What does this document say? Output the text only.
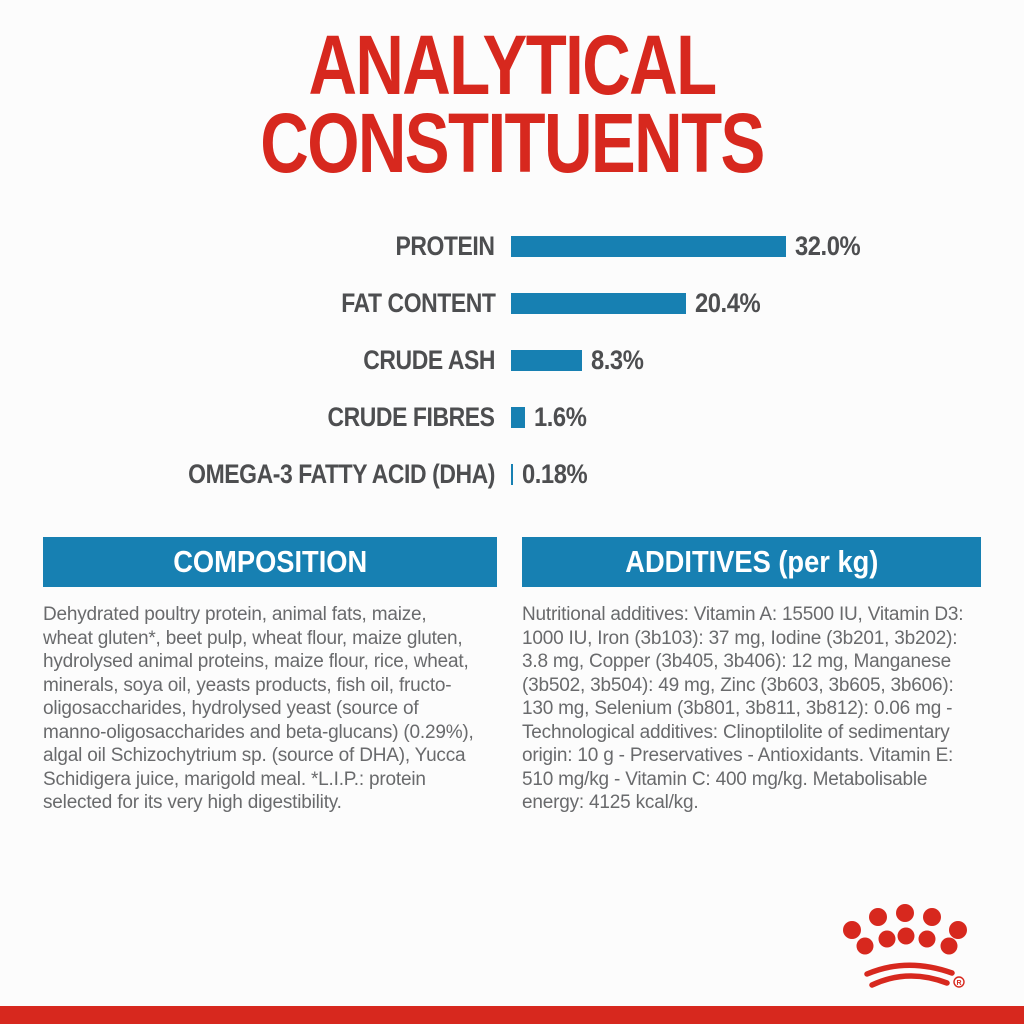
ANALYTICAL CONSTITUENTS
PROTEIN	32.0%
FAT CONTENT	20.4%
CRUDE ASH	8.3%
CRUDE FIBRES	1.6%
OMEGA-3 FATTY ACID (DHA)	0.18%
COMPOSITION	ADDITIVES (per kg)
Dehydrated poultry protein, animal fats, maize, wheat gluten*, beet pulp, wheat flour, maize gluten, hydrolysed animal proteins, maize flour, rice, wheat, minerals, soya oil, yeasts products, fish oil, fructo-oligosaccharides, hydrolysed yeast (source of manno-oligosaccharides and beta-glucans) (0.29%), algal oil Schizochytrium sp. (source of DHA), Yucca Schidigera juice, marigold meal. *L.I.P.: protein selected for its very high digestibility.
Nutritional additives: Vitamin A: 15500 IU, Vitamin D3: 1000 IU, Iron (3b103): 37 mg, Iodine (3b201, 3b202): 3.8 mg, Copper (3b405, 3b406): 12 mg, Manganese (3b502, 3b504): 49 mg, Zinc (3b603, 3b605, 3b606): 130 mg, Selenium (3b801, 3b811, 3b812): 0.06 mg - Technological additives: Clinoptilolite of sedimentary origin: 10 g - Preservatives - Antioxidants. Vitamin E: 510 mg/kg - Vitamin C: 400 mg/kg. Metabolisable energy: 4125 kcal/kg.
R
